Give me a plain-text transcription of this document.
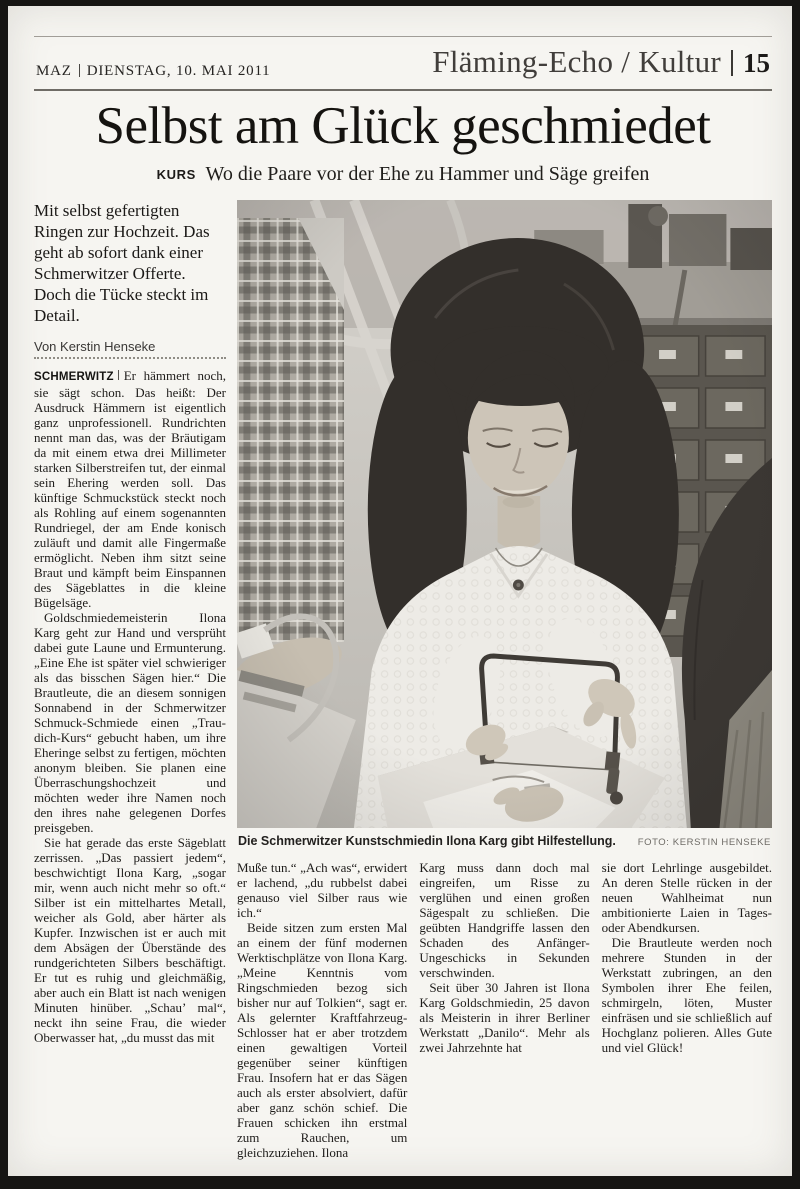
MAZ DIENSTAG, 10. MAI 2011	Fläming-Echo / Kultur 15
Selbst am Glück geschmiedet
KURS Wo die Paare vor der Ehe zu Hammer und Säge greifen

Mit selbst gefertigten Ringen zur Hochzeit. Das geht ab sofort dank einer Schmerwitzer Offerte. Doch die Tücke steckt im Detail.

Von Kerstin Henseke

SCHMERWITZ Er hämmert noch, sie sägt schon. Das heißt: Der Ausdruck Hämmern ist eigentlich ganz unprofessionell. Rundrichten nennt man das, was der Bräutigam da mit einem etwa drei Millimeter starken Silberstreifen tut, der einmal sein Ehering werden soll. Das künftige Schmuckstück steckt noch als Rohling auf einem sogenannten Rundriegel, der am Ende konisch zuläuft und damit alle Fingermaße ermöglicht. Neben ihm sitzt seine Braut und kämpft beim Einspannen des Sägeblattes in die kleine Bügelsäge.

Goldschmiedemeisterin Ilona Karg geht zur Hand und versprüht dabei gute Laune und Ermunterung. „Eine Ehe ist später viel schwieriger als das bisschen Sägen hier.“ Die Brautleute, die an diesem sonnigen Sonnabend in der Schmerwitzer Schmuck-Schmiede einen „Trau-dich-Kurs“ gebucht haben, um ihre Eheringe selbst zu fertigen, möchten anonym bleiben. Sie planen eine Überraschungshochzeit und möchten weder ihre Namen noch den ihres nahe gelegenen Dorfes preisgeben.

Sie hat gerade das erste Sägeblatt zerrissen. „Das passiert jedem“, beschwichtigt Ilona Karg, „sogar mir, wenn auch nicht mehr so oft.“ Silber ist ein mittelhartes Metall, weicher als Gold, aber härter als Kupfer. Inzwischen ist er auch mit dem Absägen der Überstände des rundgerichteten Silbers beschäftigt. Er tut es ruhig und gleichmäßig, aber auch ein Blatt ist nach wenigen Minuten hinüber. „Schau’ mal“, neckt ihn seine Frau, die wieder Oberwasser hat, „du musst das mit

Die Schmerwitzer Kunstschmiedin Ilona Karg gibt Hilfestellung. FOTO: KERSTIN HENSEKE

Muße tun.“ „Ach was“, erwidert er lachend, „du rubbelst dabei genauso viel Silber raus wie ich.“

Beide sitzen zum ersten Mal an einem der fünf modernen Werktischplätze von Ilona Karg. „Meine Kenntnis vom Ringschmieden bezog sich bisher nur auf Tolkien“, sagt er. Als gelernter Kraftfahrzeug-Schlosser hat er aber trotzdem einen gewaltigen Vorteil gegenüber seiner künftigen Frau. Insofern hat er das Sägen auch als erster absolviert, dafür aber ganz schön schief. Die Frauen schicken ihn erstmal zum Rauchen, um gleichzuziehen. Ilona

Karg muss dann doch mal eingreifen, um Risse zu verglühen und einen großen Sägespalt zu schließen. Die geübten Handgriffe lassen den Schaden des Anfänger-Ungeschicks in Sekunden verschwinden.

Seit über 30 Jahren ist Ilona Karg Goldschmiedin, 25 davon als Meisterin in ihrer Berliner Werkstatt „Danilo“. Mehr als zwei Jahrzehnte hat

sie dort Lehrlinge ausgebildet. An deren Stelle rücken in der neuen Wahlheimat nun ambitionierte Laien in Tages- oder Abendkursen.

Die Brautleute werden noch mehrere Stunden in der Werkstatt zubringen, an den Symbolen ihrer Ehe feilen, schmirgeln, löten, Muster einfräsen und sie schließlich auf Hochglanz polieren. Alles Gute und viel Glück!
